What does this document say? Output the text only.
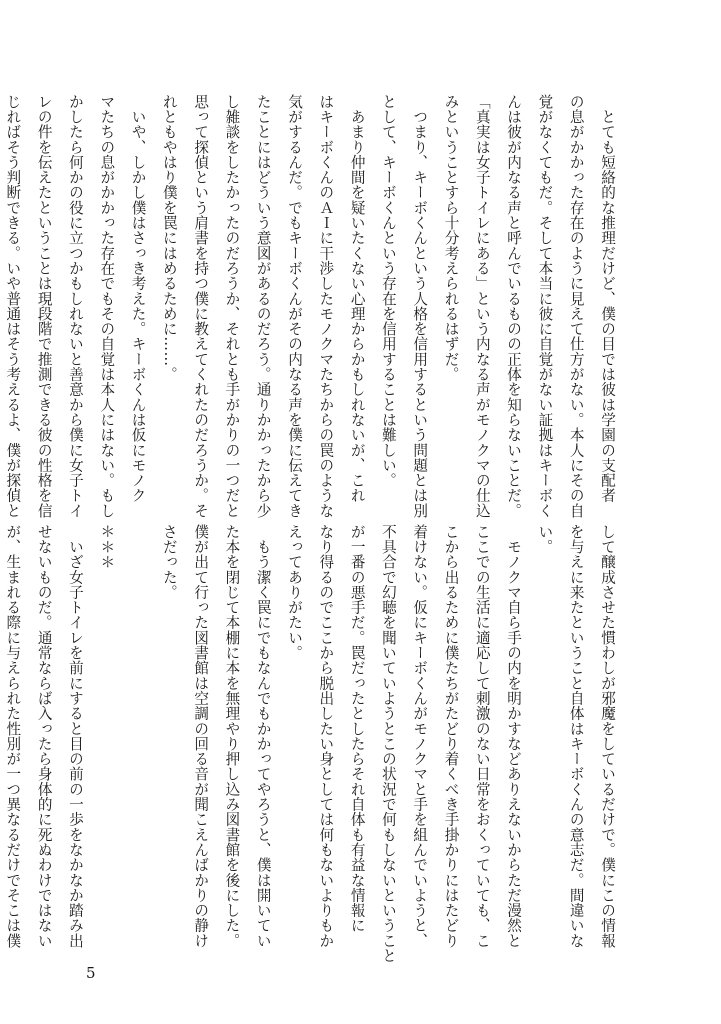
　とても短絡的な推理だけど、僕の目では彼は学園の支配者

の息がかかった存在のように見えて仕方がない。本人にその自

覚がなくてもだ。そして本当に彼に自覚がない証拠はキーボく

んは彼が内なる声と呼んでいるものの正体を知らないことだ。

「真実は女子トイレにある」という内なる声がモノクマの仕込

みということすら十分考えられるはずだ。

　つまり、キーボくんという人格を信用するという問題とは別

として、キーボくんという存在を信用することは難しい。

　あまり仲間を疑いたくない心理からかもしれないが、これ

はキーボくんのＡＩに干渉したモノクマたちからの罠のような

気がするんだ。でもキーボくんがその内なる声を僕に伝えてき

たことにはどういう意図があるのだろう。通りかかったから少

し雑談をしたかったのだろうか、それとも手がかりの一つだと

思って探偵という肩書を持つ僕に教えてくれたのだろうか。そ

れともやはり僕を罠にはめるために……。

　いや、しかし僕はさっき考えた。キーボくんは仮にモノク

マたちの息がかかった存在でもその自覚は本人にはない。もし

かしたら何かの役に立つかもしれないと善意から僕に女子トイ

レの件を伝えたということは現段階で推測できる彼の性格を信

じればそう判断できる。いや普通はそう考えるよ、僕が探偵と

して醸成させた慣わしが邪魔をしているだけで。僕にこの情報

を与えに来たということ自体はキーボくんの意志だ。間違いな

い。

　モノクマ自ら手の内を明かすなどありえないからただ漫然と

ここでの生活に適応して刺激のない日常をおくっていても、こ

こから出るために僕たちがたどり着くべき手掛かりにはたどり

着けない。仮にキーボくんがモノクマと手を組んでいようと、

不具合で幻聴を聞いていようとこの状況で何もしないということ

が一番の悪手だ。罠だったとしたらそれ自体も有益な情報に

なり得るのでここから脱出したい身としては何もないよりもか

えってありがたい。

　もう潔く罠にでもなんでもかかってやろうと、僕は開いてい

た本を閉じて本棚に本を無理やり押し込み図書館を後にした。

僕が出て行った図書館は空調の回る音が聞こえんばかりの静け

さだった。

＊＊＊

　いざ女子トイレを前にすると目の前の一歩をなかなか踏み出

せないものだ。通常ならば入ったら身体的に死ぬわけではない

が、生まれる際に与えられた性別が一つ異なるだけでそこは僕

5
